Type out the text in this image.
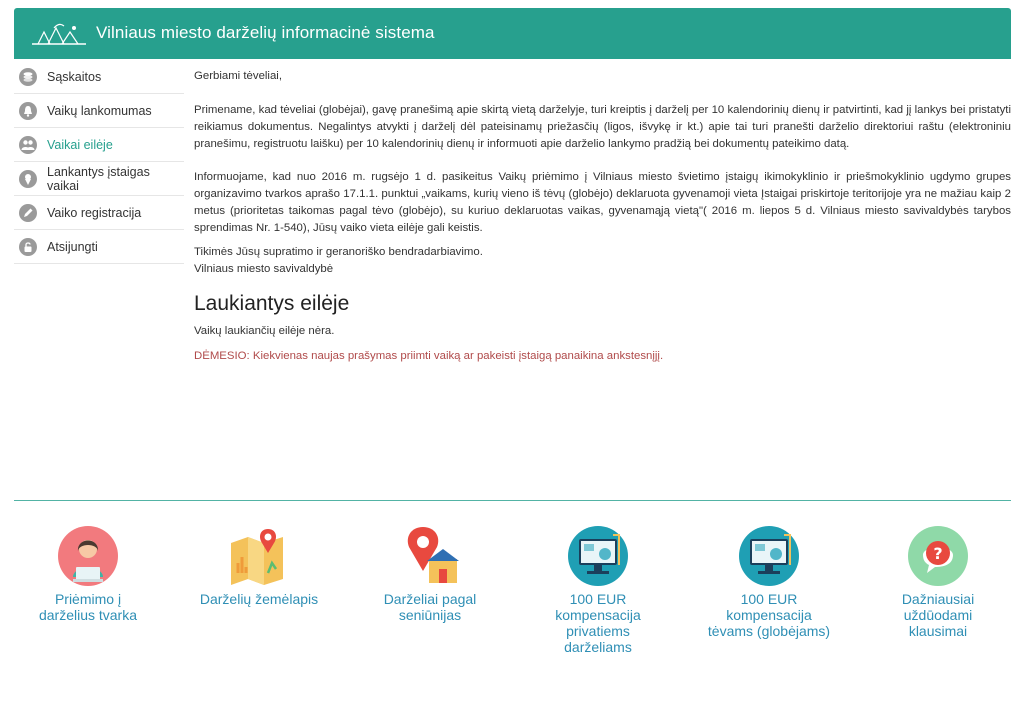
Vilniaus miesto darželių informacinė sistema
Sąskaitos
Vaikų lankomumas
Vaikai eilėje
Lankantys įstaigas vaikai
Vaiko registracija
Atsijungti

Gerbiami tėveliai,

Primename, kad tėveliai (globėjai), gavę pranešimą apie skirtą vietą darželyje, turi kreiptis į darželį per 10 kalendorinių dienų ir patvirtinti, kad jį lankys bei pristatyti reikiamus dokumentus. Negalintys atvykti į darželį dėl pateisinamų priežasčių (ligos, išvykę ir kt.) apie tai turi pranešti darželio direktoriui raštu (elektroniniu pranešimu, registruotu laišku) per 10 kalendorinių dienų ir informuoti apie darželio lankymo pradžią bei dokumentų pateikimo datą.

Informuojame, kad nuo 2016 m. rugsėjo 1 d. pasikeitus Vaikų priėmimo į Vilniaus miesto švietimo įstaigų ikimokyklinio ir priešmokyklinio ugdymo grupes organizavimo tvarkos aprašo 17.1.1. punktui „vaikams, kurių vieno iš tėvų (globėjo) deklaruota gyvenamoji vieta Įstaigai priskirtoje teritorijoje yra ne mažiau kaip 2 metus (prioritetas taikomas pagal tėvo (globėjo), su kuriuo deklaruotas vaikas, gyvenamąją vietą"( 2016 m. liepos 5 d. Vilniaus miesto savivaldybės tarybos sprendimas Nr. 1-540), Jūsų vaiko vieta eilėje gali keistis.

Tikimės Jūsų supratimo ir geranoriško bendradarbiavimo.

Vilniaus miesto savivaldybė

Laukiantys eilėje
Vaikų laukiančių eilėje nėra.
DĖMESIO: Kiekvienas naujas prašymas priimti vaiką ar pakeisti įstaigą panaikina ankstesnįjį.
Priėmimo į
darželius tvarka
Darželių žemėlapis	Darželiai pagal
seniūnijas
100 EUR
kompensacija
privatiems
darželiams
100 EUR
kompensacija
tėvams (globėjams)
?
Dažniausiai
uždūodami
klausimai
